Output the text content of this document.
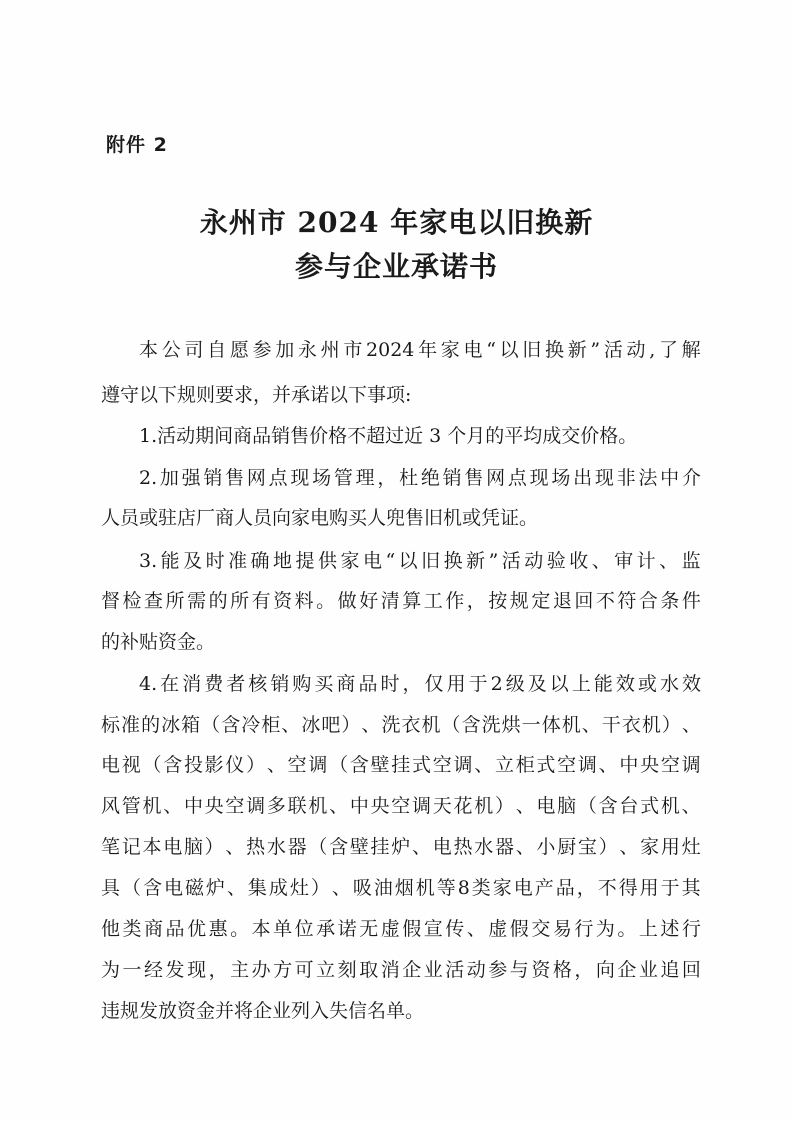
附件 2
永州市 2024 年家电以旧换新
参与企业承诺书
本 公 司 自 愿 参 加 永 州 市 2024 年 家 电 “ 以 旧 换 新 ” 活 动 , 了 解
遵守以下规则要求，并承诺以下事项:
1.活动期间商品销售价格不超过近 3 个月的平均成交价格。
2. 加 强 销 售 网 点 现 场 管 理 ， 杜 绝 销 售 网 点 现 场 出 现 非 法 中 介
人员或驻店厂商人员向家电购买人兜售旧机或凭证。
3. 能 及 时 准 确 地 提 供 家 电 “ 以 旧 换 新 ” 活 动 验 收 、 审 计 、 监
督 检 查 所 需 的 所 有 资 料 。 做 好 清 算 工 作 ， 按 规 定 退 回 不 符 合 条 件
的补贴资金。
4. 在 消 费 者 核 销 购 买 商 品 时 ， 仅 用 于 2 级 及 以 上 能 效 或 水 效
标 准 的 冰 箱 （ 含 冷 柜 、 冰 吧 ） 、 洗 衣 机 （ 含 洗 烘 一 体 机 、 干 衣 机 ） 、
电 视 （ 含 投 影 仪 ） 、 空 调 （ 含 壁 挂 式 空 调 、 立 柜 式 空 调 、 中 央 空 调
风 管 机 、 中 央 空 调 多 联 机 、 中 央 空 调 天 花 机 ） 、 电 脑 （ 含 台 式 机 、
笔 记 本 电 脑 ） 、 热 水 器 （ 含 壁 挂 炉 、 电 热 水 器 、 小 厨 宝 ） 、 家 用 灶
具 （ 含 电 磁 炉 、 集 成 灶 ） 、 吸 油 烟 机 等 8 类 家 电 产 品 ， 不 得 用 于 其
他 类 商 品 优 惠 。 本 单 位 承 诺 无 虚 假 宣 传 、 虚 假 交 易 行 为 。 上 述 行
为 一 经 发 现 ， 主 办 方 可 立 刻 取 消 企 业 活 动 参 与 资 格 ， 向 企 业 追 回
违规发放资金并将企业列入失信名单。
